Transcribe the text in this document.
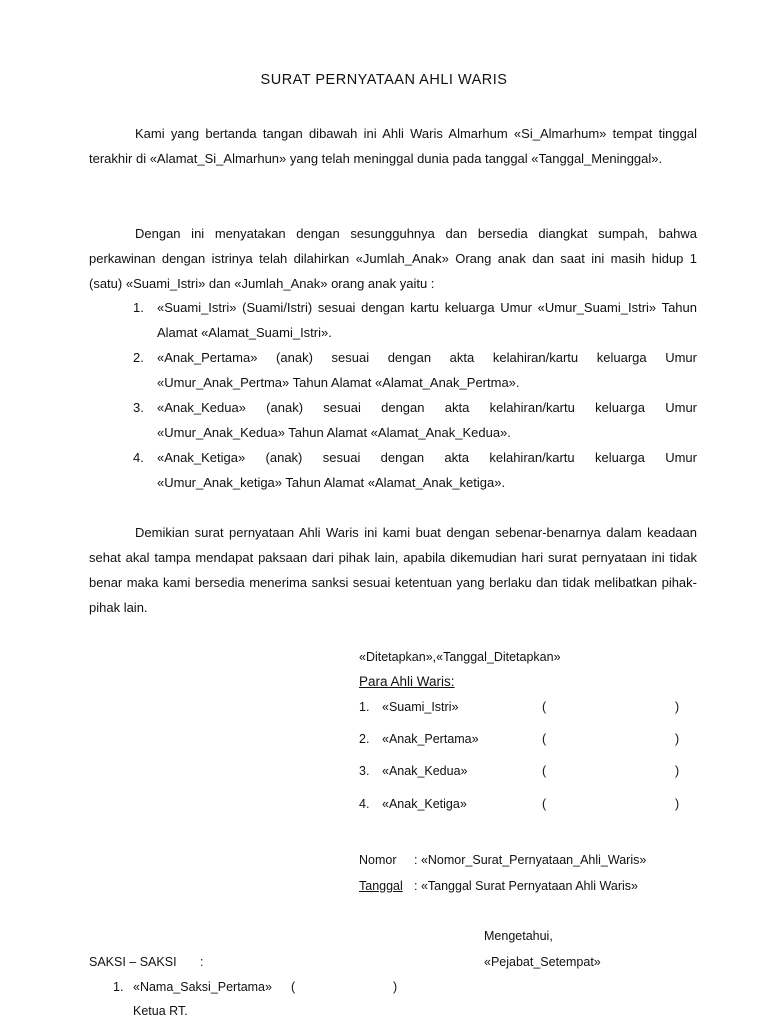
SURAT PERNYATAAN AHLI WARIS

Kami yang bertanda tangan dibawah ini Ahli Waris Almarhum «Si_Almarhum» tempat tinggal terakhir di «Alamat_Si_Almarhun» yang telah meninggal dunia pada tanggal «Tanggal_Meninggal».

Dengan ini menyatakan dengan sesungguhnya dan bersedia diangkat sumpah, bahwa perkawinan dengan istrinya telah dilahirkan «Jumlah_Anak» Orang anak dan saat ini masih hidup 1 (satu) «Suami_Istri» dan «Jumlah_Anak» orang anak yaitu :

1. «Suami_Istri» (Suami/Istri) sesuai dengan kartu keluarga Umur «Umur_Suami_Istri» Tahun Alamat «Alamat_Suami_Istri».
2. «Anak_Pertama» (anak) sesuai dengan akta kelahiran/kartu keluarga Umur «Umur_Anak_Pertma» Tahun Alamat «Alamat_Anak_Pertma».
3. «Anak_Kedua» (anak) sesuai dengan akta kelahiran/kartu keluarga Umur «Umur_Anak_Kedua» Tahun Alamat «Alamat_Anak_Kedua».
4. «Anak_Ketiga» (anak) sesuai dengan akta kelahiran/kartu keluarga Umur «Umur_Anak_ketiga» Tahun Alamat «Alamat_Anak_ketiga».

Demikian surat pernyataan Ahli Waris ini kami buat dengan sebenar-benarnya dalam keadaan sehat akal tampa mendapat paksaan dari pihak lain, apabila dikemudian hari surat pernyataan ini tidak benar maka kami bersedia menerima sanksi sesuai ketentuan yang berlaku dan tidak melibatkan pihak-pihak lain.

«Ditetapkan»,«Tanggal_Ditetapkan»
Para Ahli Waris:
1. «Suami_Istri»	(	)
2. «Anak_Pertama»	(	)
3. «Anak_Kedua»	(	)
4. «Anak_Ketiga»	(	)
Nomor : «Nomor_Surat_Pernyataan_Ahli_Waris»
Tanggal : «Tanggal Surat Pernyataan Ahli Waris»
Mengetahui,
«Pejabat_Setempat»
SAKSI – SAKSI :
1. «Nama_Saksi_Pertama» (	)
Ketua RT.
